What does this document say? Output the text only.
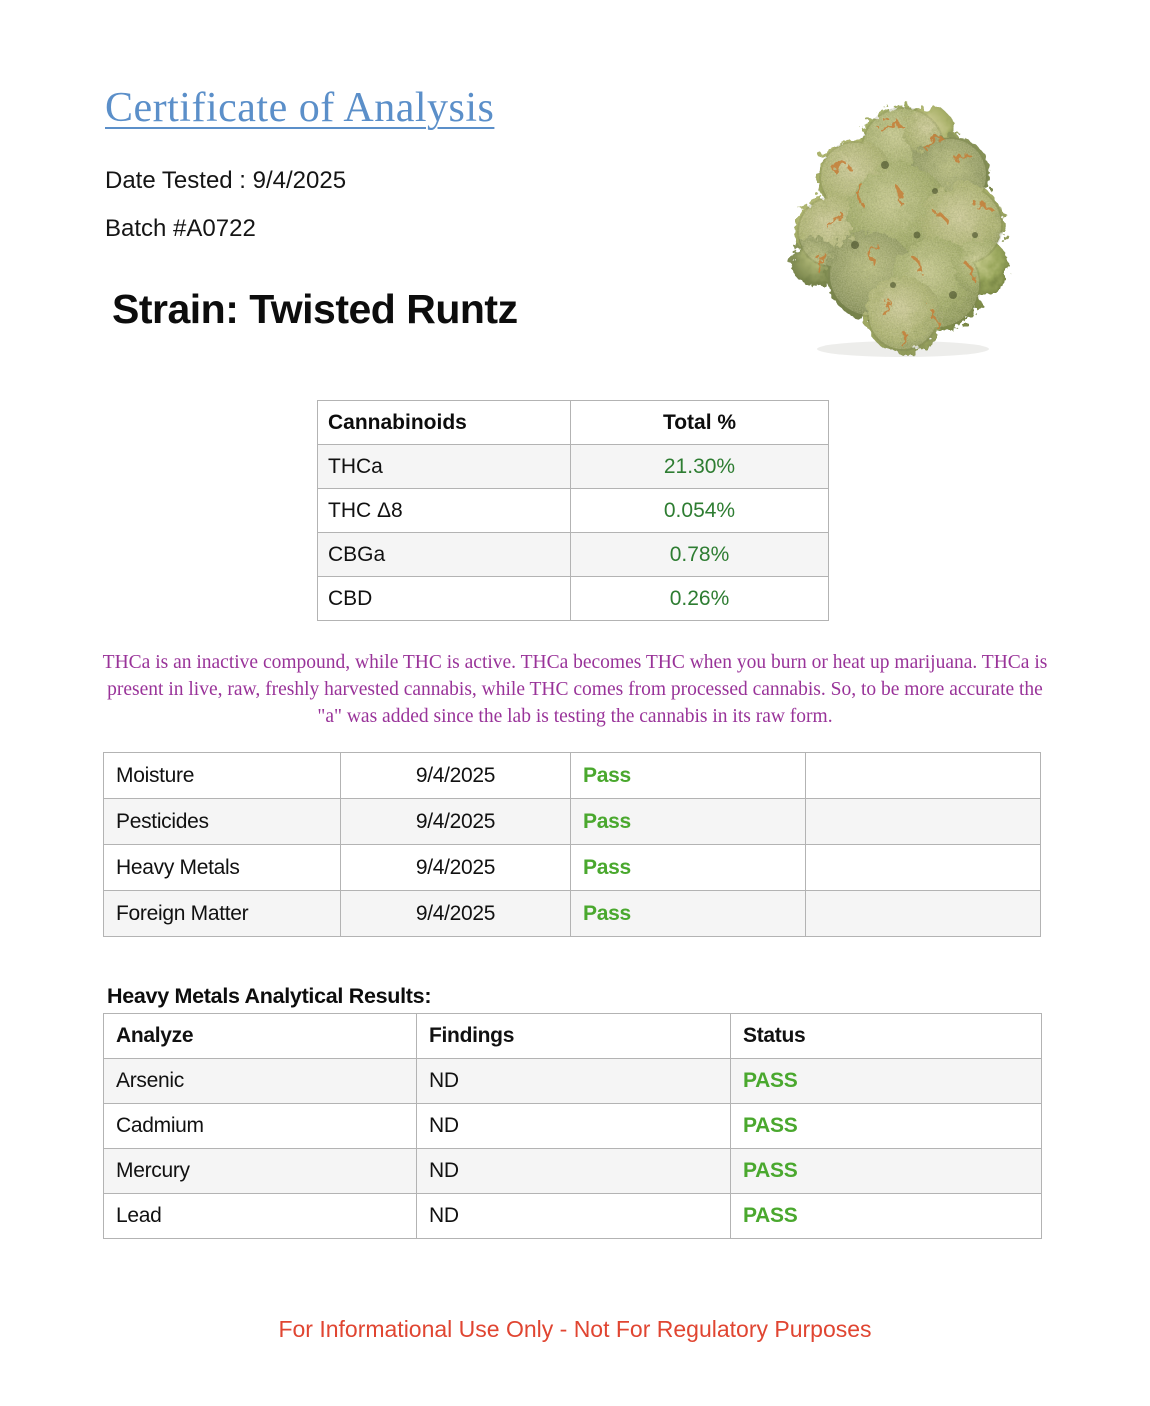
Certificate of Analysis
Date Tested : 9/4/2025
Batch #A0722
Strain: Twisted Runtz
Cannabinoids	Total %
THCa	21.30%
THC Δ8	0.054%
CBGa	0.78%
CBD	0.26%

THCa is an inactive compound, while THC is active. THCa becomes THC when you burn or heat up marijuana. THCa is present in live, raw, freshly harvested cannabis, while THC comes from processed cannabis. So, to be more accurate the "a" was added since the lab is testing the cannabis in its raw form.

Moisture	9/4/2025	Pass	
Pesticides	9/4/2025	Pass	
Heavy Metals	9/4/2025	Pass	
Foreign Matter	9/4/2025	Pass	
Heavy Metals Analytical Results:
Analyze	Findings	Status
Arsenic	ND	PASS
Cadmium	ND	PASS
Mercury	ND	PASS
Lead	ND	PASS
For Informational Use Only - Not For Regulatory Purposes
